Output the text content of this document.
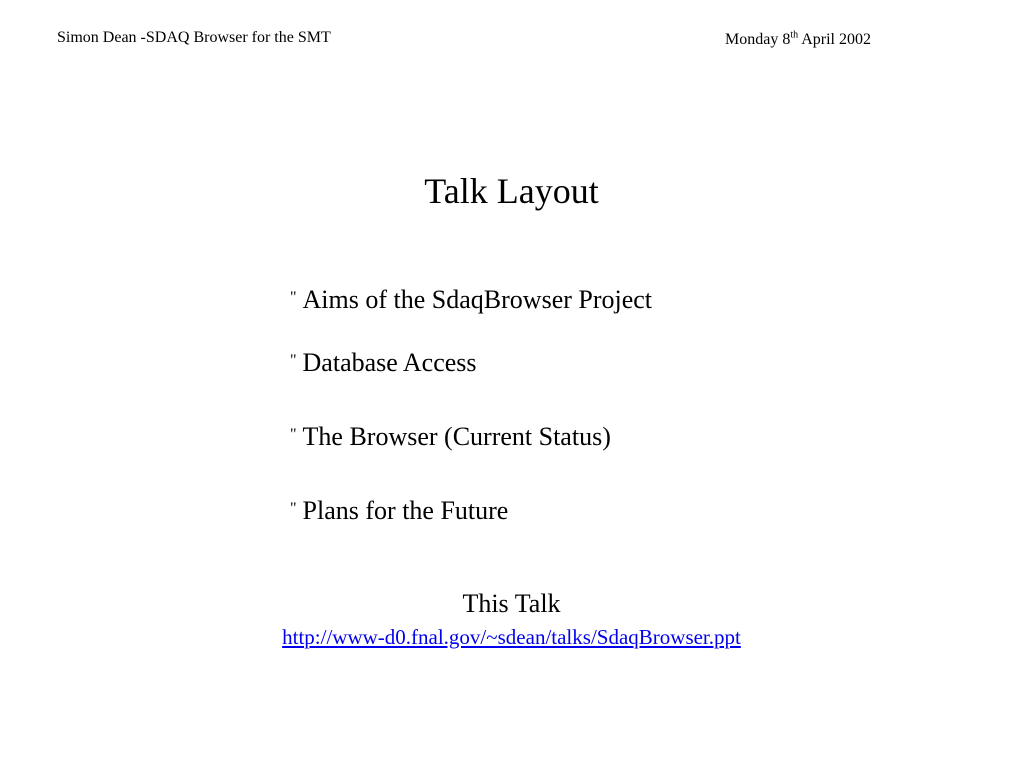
Simon Dean -SDAQ Browser for the SMT	Monday 8th April 2002
Talk Layout
" Aims of the SdaqBrowser Project
" Database Access
" The Browser (Current Status)
" Plans for the Future
This Talk
http://www-d0.fnal.gov/~sdean/talks/SdaqBrowser.ppt
